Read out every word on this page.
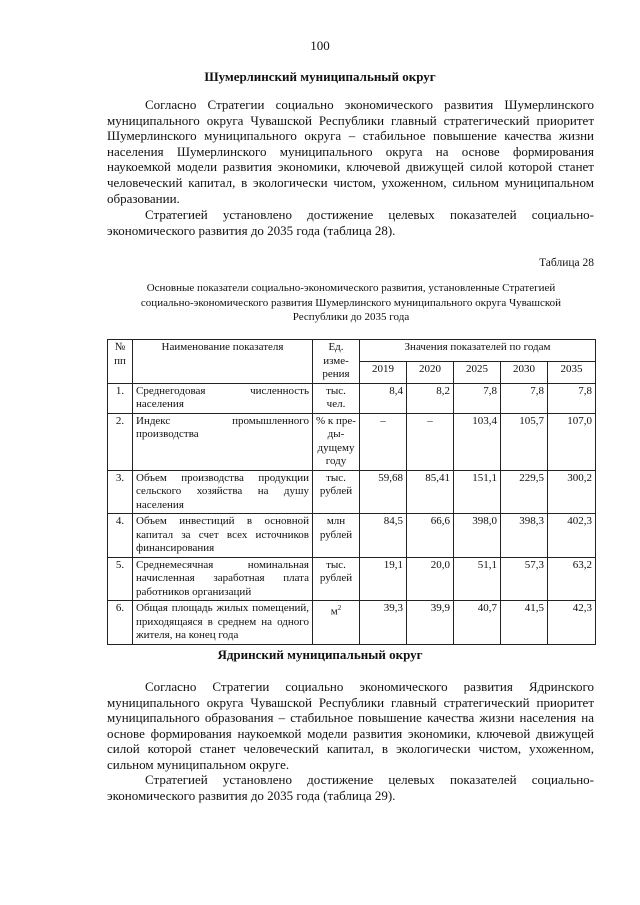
100
Шумерлинский муниципальный округ

Согласно Стратегии социально экономического развития Шумерлинского муниципального округа Чувашской Республики главный стратегический приоритет Шумерлинского муниципального округа – стабильное повышение качества жизни населения Шумерлинского муниципального округа на основе формирования наукоемкой модели развития экономики, ключевой движущей силой которой станет человеческий капитал, в экологически чистом, ухоженном, сильном муниципальном образовании.

Стратегией установлено достижение целевых показателей социально-экономического развития до 2035 года (таблица 28).

Таблица 28
Основные показатели социально-экономического развития, установленные Стратегией
социально-экономического развития Шумерлинского муниципального округа Чувашской
Республики до 2035 года
№ пп	Наименование показателя	Ед. изме-рения	Значения показателей по годам				
			2019	2020	2025	2030	2035
1.	Среднегодовая численность населения	тыс. чел.	8,4	8,2	7,8	7,8	7,8
2.	Индекс промышленного производства	% к пре-ды-дущему году	–	–	103,4	105,7	107,0
3.	Объем производства продукции сельского хозяйства на душу населения	тыс. рублей	59,68	85,41	151,1	229,5	300,2
4.	Объем инвестиций в основной капитал за счет всех источников финансирования	млн рублей	84,5	66,6	398,0	398,3	402,3
5.	Среднемесячная номинальная начисленная заработная плата работников организаций	тыс. рублей	19,1	20,0	51,1	57,3	63,2
6.	Общая площадь жилых помещений, приходящаяся в среднем на одного жителя, на конец года	$м^2$	39,3	39,9	40,7	41,5	42,3
Ядринский муниципальный округ

Согласно Стратегии социально экономического развития Ядринского муниципального округа Чувашской Республики главный стратегический приоритет муниципального образования – стабильное повышение качества жизни населения на основе формирования наукоемкой модели развития экономики, ключевой движущей силой которой станет человеческий капитал, в экологически чистом, ухоженном, сильном муниципальном округе.

Стратегией установлено достижение целевых показателей социально-экономического развития до 2035 года (таблица 29).
